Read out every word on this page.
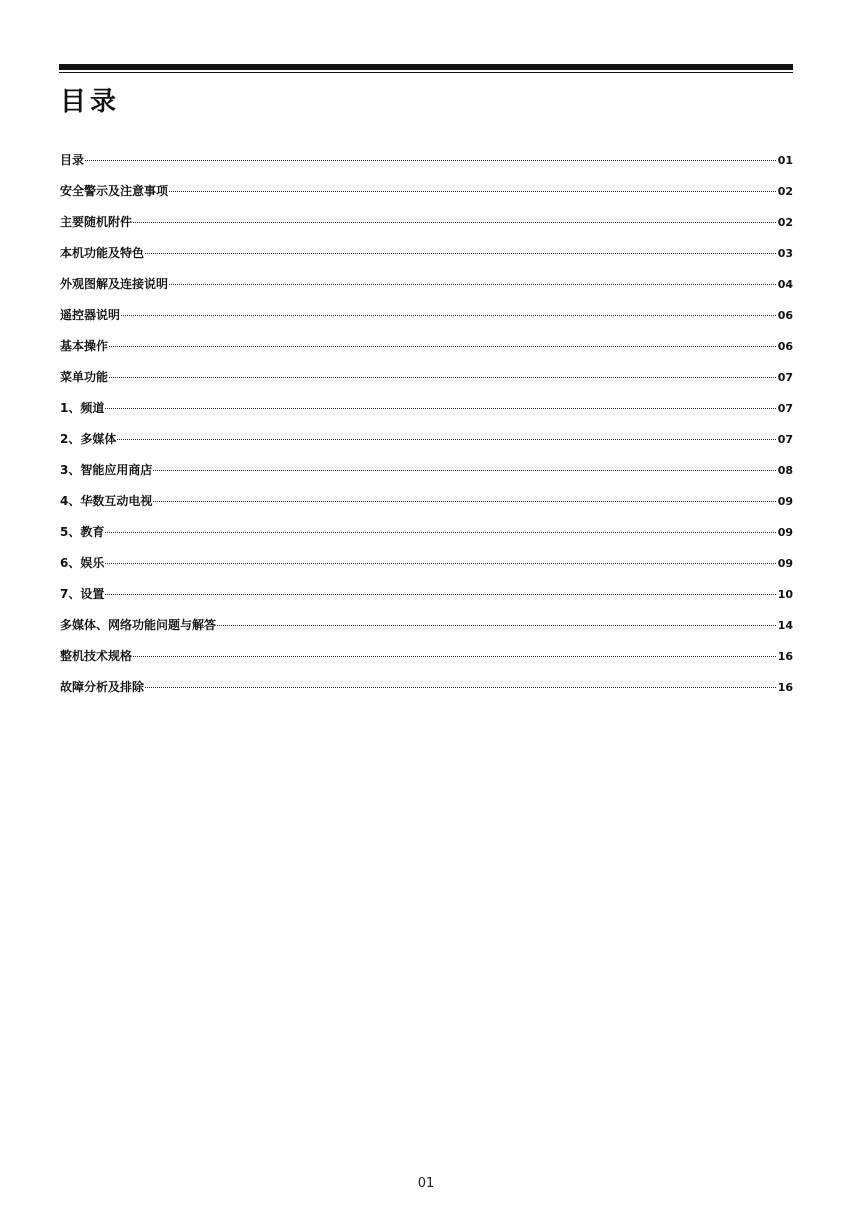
目录
目录	01
安全警示及注意事项	02
主要随机附件	02
本机功能及特色	03
外观图解及连接说明	04
遥控器说明	06
基本操作	06
菜单功能	07
1、频道	07
2、多媒体	07
3、智能应用商店	08
4、华数互动电视	09
5、教育	09
6、娱乐	09
7、设置	10
多媒体、网络功能问题与解答	14
整机技术规格	16
故障分析及排除	16
01
